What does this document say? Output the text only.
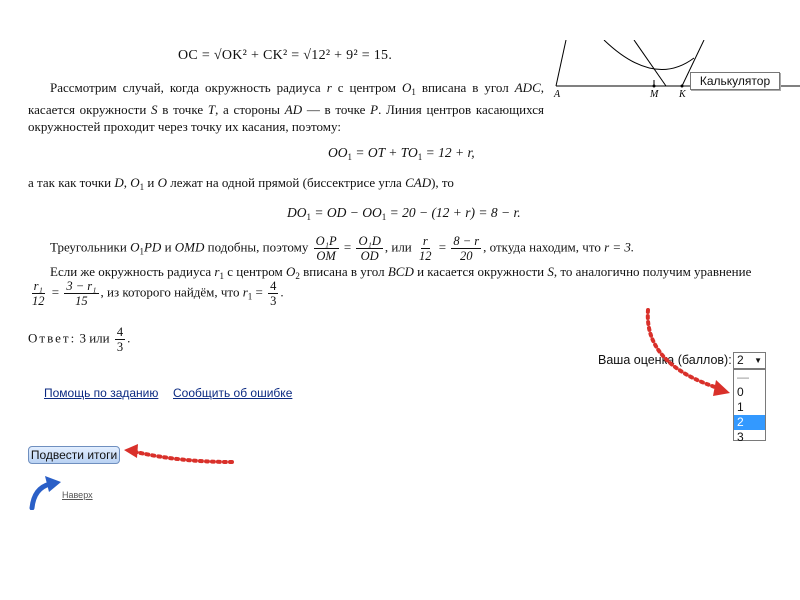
OC = √OK² + CK² = √12² + 9² = 15.
A	M K
Калькулятор
Рассмотрим случай, когда окружность радиуса r с центром $O_1$ вписана в угол ADC, касается окружности S в точке T, а стороны AD — в точке P. Линия центров касающихся окружностей проходит через точку их касания, поэтому:
$OO_1$ = OT + $TO_1 = 12 + r$,
а так как точки D, $O_1$ и O лежат на одной прямой (биссектрисе угла CAD), то
$DO_1$ = OD − $OO_1 = 20 - (12 + r) = 8 - r$.
Треугольники $O_1PD$ и OMD подобны, поэтому $\frac{\text{O₁P}}{OM} = \frac{\text{O₁D}}{OD}$ , или $\frac{r}{12} = \frac{8 - r}{20}$ , откуда находим, что r = 3.
Если же окружность радиуса $r_1$ с центром $O_2$ вписана в угол BCD и касается окружности S, то аналогично получим уравнение
$\frac{\text{r₁}}{12} = \frac{\text{3 − r₁}}{15}$ , из которого найдём, что $r_1 = \frac{4}{3}$ .
Ответ: 3 или $\frac{4}{3}$ .
Ваша оценка (баллов): 2 ▼
—
0
1
2
3
Помощь по заданию Сообщить об ошибке
Подвести итоги
Наверх
